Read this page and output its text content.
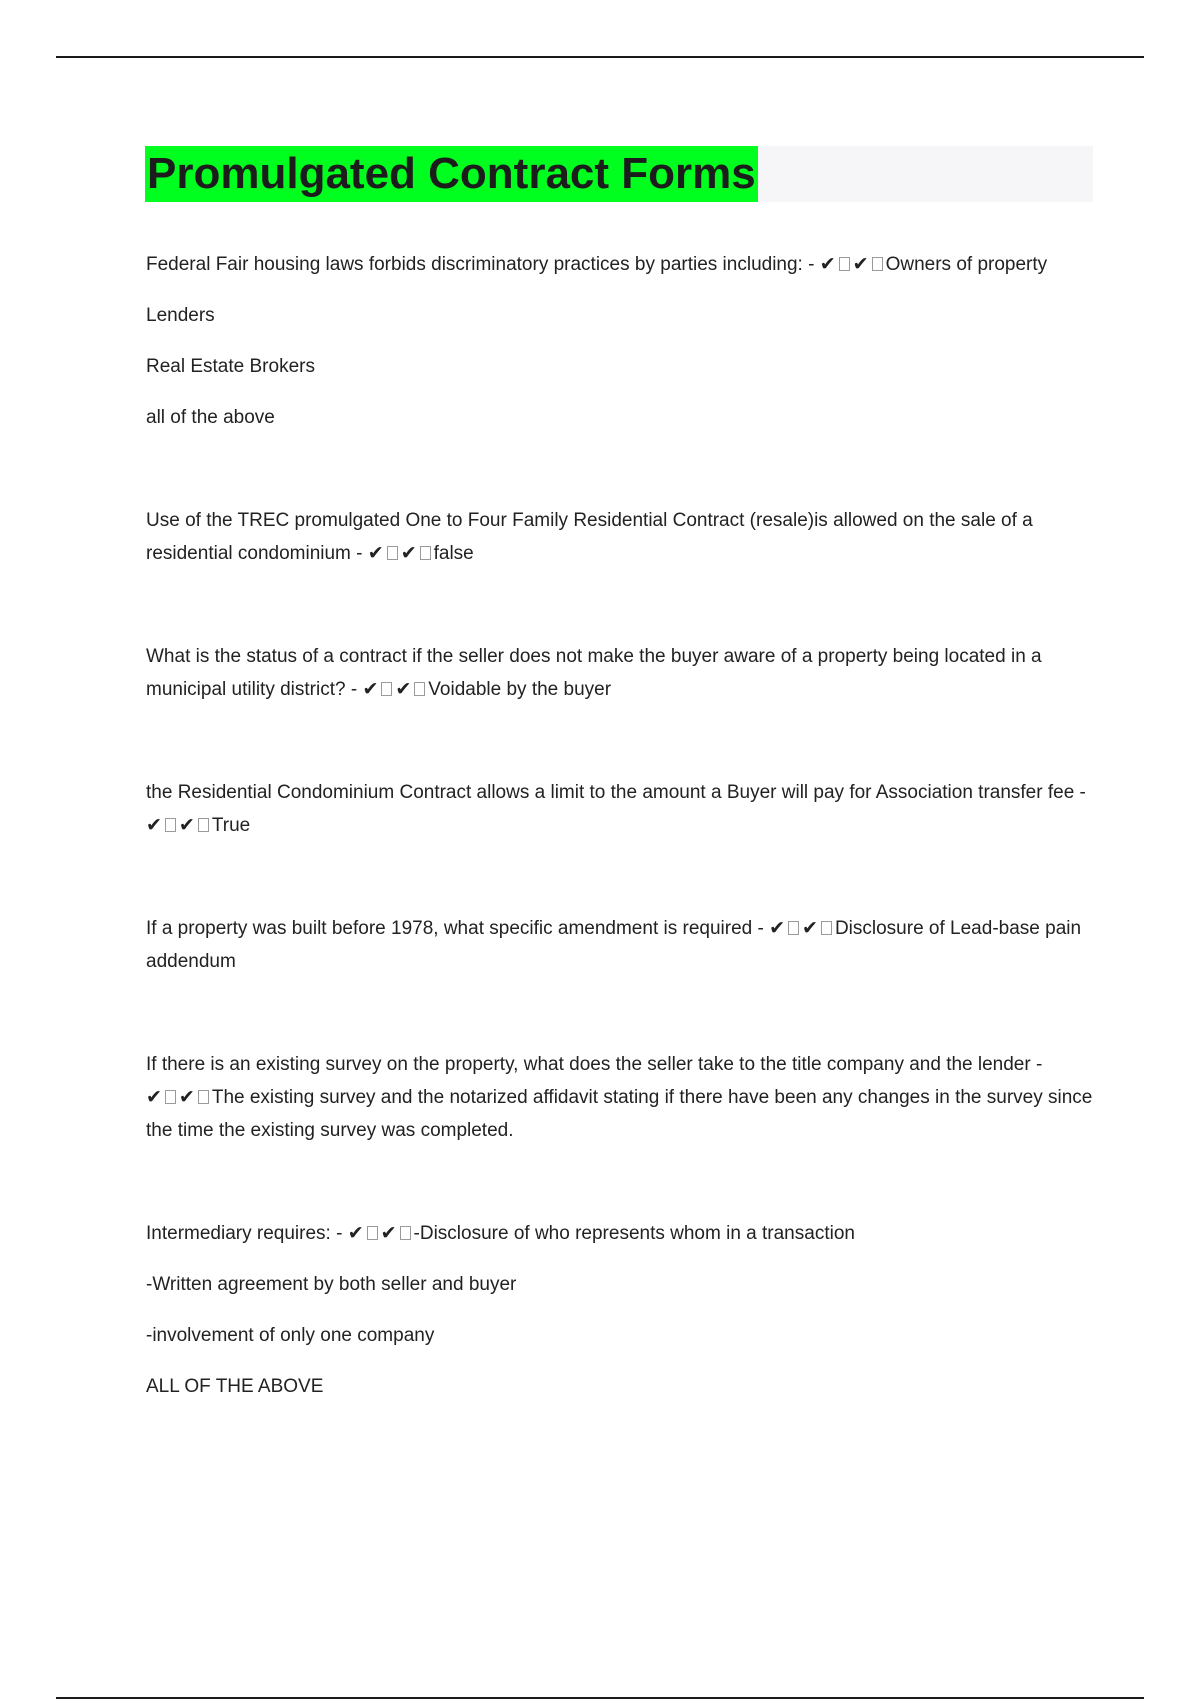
Promulgated Contract Forms

Federal Fair housing laws forbids discriminatory practices by parties including: - ✔ ✔ Owners of property

Lenders

Real Estate Brokers

all of the above

Use of the TREC promulgated One to Four Family Residential Contract (resale)is allowed on the sale of a residential condominium - ✔ ✔ false

What is the status of a contract if the seller does not make the buyer aware of a property being located in a municipal utility district? - ✔ ✔ Voidable by the buyer

the Residential Condominium Contract allows a limit to the amount a Buyer will pay for Association transfer fee - ✔ ✔ True

If a property was built before 1978, what specific amendment is required - ✔ ✔ Disclosure of Lead-base pain addendum

If there is an existing survey on the property, what does the seller take to the title company and the lender - ✔ ✔ The existing survey and the notarized affidavit stating if there have been any changes in the survey since the time the existing survey was completed.

Intermediary requires: - ✔ ✔ -Disclosure of who represents whom in a transaction

-Written agreement by both seller and buyer

-involvement of only one company

ALL OF THE ABOVE
